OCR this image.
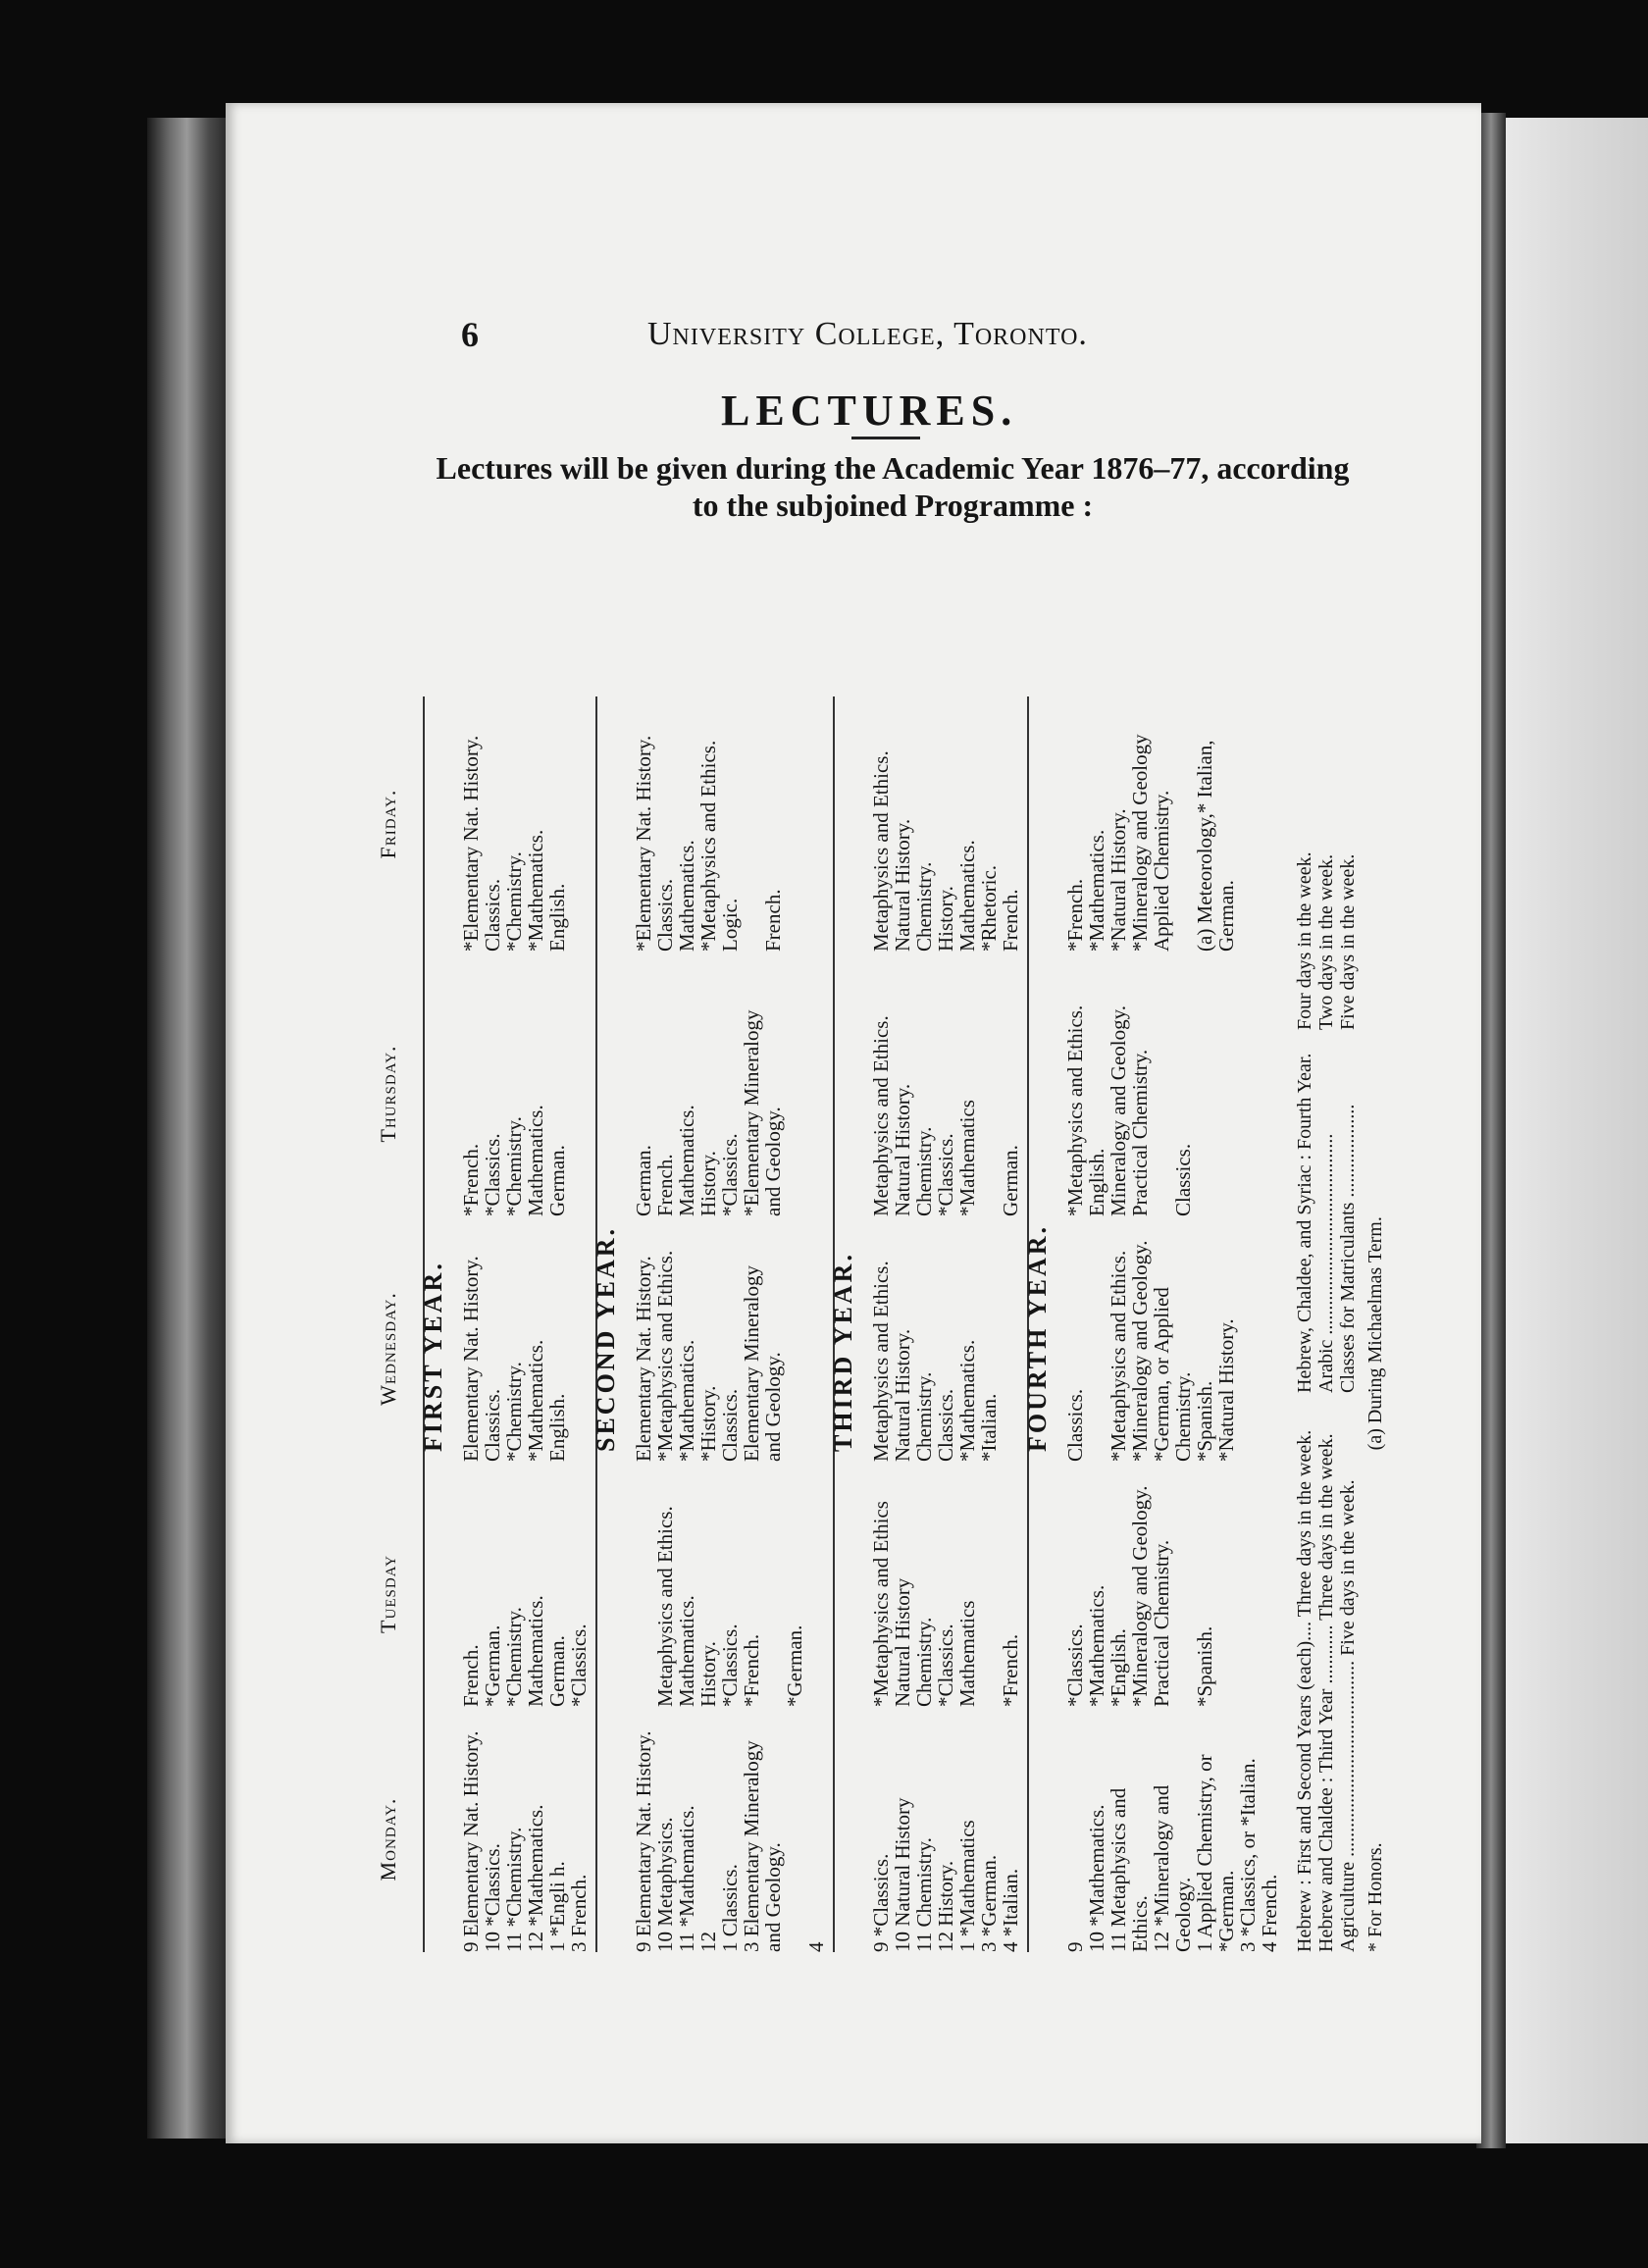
6	University College, Toronto.
LECTURES.
Lectures will be given during the Academic Year 1876–77, according
to the subjoined Programme :
Monday.
Tuesday
Wednesday.
Thursday.
Friday.
FIRST YEAR.
9 Elementary Nat. History.
10 *Classics.
11 *Chemistry.
12 *Mathematics.
1 *Engli h.
3 French.
French.
*German.
*Chemistry.
Mathematics.
German.
*Classics.
Elementary Nat. History.
Classics.
*Chemistry.
*Mathematics.
English.
*French.
*Classics.
*Chemistry.
Mathematics.
German.
*Elementary Nat. History.
Classics.
*Chemistry.
*Mathematics.
English.
SECOND YEAR.
9 Elementary Nat. History.
10 Metaphysics.
11 *Mathematics.
12
1 Classics.
3 Elementary Mineralogy
and Geology.

4

Metaphysics and Ethics.
Mathematics.
History.
*Classics.
*French.

*German.
Elementary Nat. History.
*Metaphysics and Ethics.
*Mathematics.
*History.
Classics.
Elementary Mineralogy
and Geology.
German.
French.
Mathematics.
History.
*Classics.
*Elementary Mineralogy
and Geology.
*Elementary Nat. History.
Classics.
Mathematics.
*Metaphysics and Ethics.
Logic.

French.
THIRD YEAR.
9 *Classics.
10 Natural History
11 Chemistry.
12 History.
1 *Mathematics
3 *German.
4 *Italian.
*Metaphysics and Ethics
Natural History
Chemistry.
*Classics.
Mathematics

*French.
Metaphysics and Ethics.
Natural History.
Chemistry.
Classics.
*Mathematics.
*Italian.
Metaphysics and Ethics.
Natural History.
Chemistry.
*Classics.
*Mathematics

German.
Metaphysics and Ethics.
Natural History.
Chemistry.
History.
Mathematics.
*Rhetoric.
French.
FOURTH YEAR.
9
10 *Mathematics.
11 Metaphysics and Ethics.
12 *Mineralogy and Geology.
1 Applied Chemistry, or
*German.
3 *Classics, or *Italian.
4 French.
*Classics.
*Mathematics.
*English.
*Mineralogy and Geology.
Practical Chemistry.

*Spanish.
Classics.

*Metaphysics and Ethics.
*Mineralogy and Geology.
*German, or Applied
Chemistry.
*Spanish.
*Natural History.
*Metaphysics and Ethics.
English.
Mineralogy and Geology.
Practical Chemistry.

Classics.
*French.
*Mathematics.
*Natural History.
*Mineralogy and Geology
Applied Chemistry.

(a) Meteorology,* Italian,
German.
Hebrew : First and Second Years (each).... Three days in the week.
Hebrew and Chaldee : Third Year ............ Three days in the week.
Agriculture ........................................ Five days in the week.
Hebrew, Chaldee, and Syriac : Fourth Year.
Arabic .........................................
Classes for Matriculants ...................
Four days in the week.
Two days in the week.
Five days in the week.
* For Honors.
(a) During Michaelmas Term.
